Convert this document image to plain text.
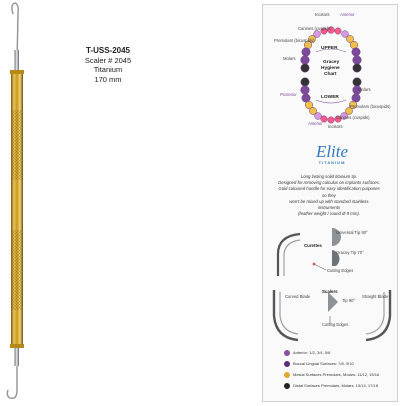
T-USS-2045
Scaler # 2045
Titanium
170 mm
UPPER
Gracey
Hygiene
Chart
LOWER
Incisors	Anterior
Canines (cuspids)
Premolars (bicuspids)
Molars
Molars
Posterior
Premolars (bicuspids)
Canines (cuspids)
Incisors
Anterior
Elite
TITANIUM
Long lasting solid titanium tip.
Designed for removing calculus on implants surfaces.
Gold coloured handle for easy identification purposes so they
won't be mixed up with standard stainless instruments
(feather weight / round Ø 9 mm).
Universal Tip 90°
Gracey Tip 70°
Curettes
Cutting Edges
Curved Blade	Straight Blade
Scalers
Tip 90°
Cutting Edges
Anterior: 1/2, 3/4, 5/6
Buccal Lingual Surfaces: 7/8, 9/10
Mesial Surfaces Premolars, Molars: 11/12, 15/16
Distal Surfaces Premolars, Molars: 13/14, 17/18
